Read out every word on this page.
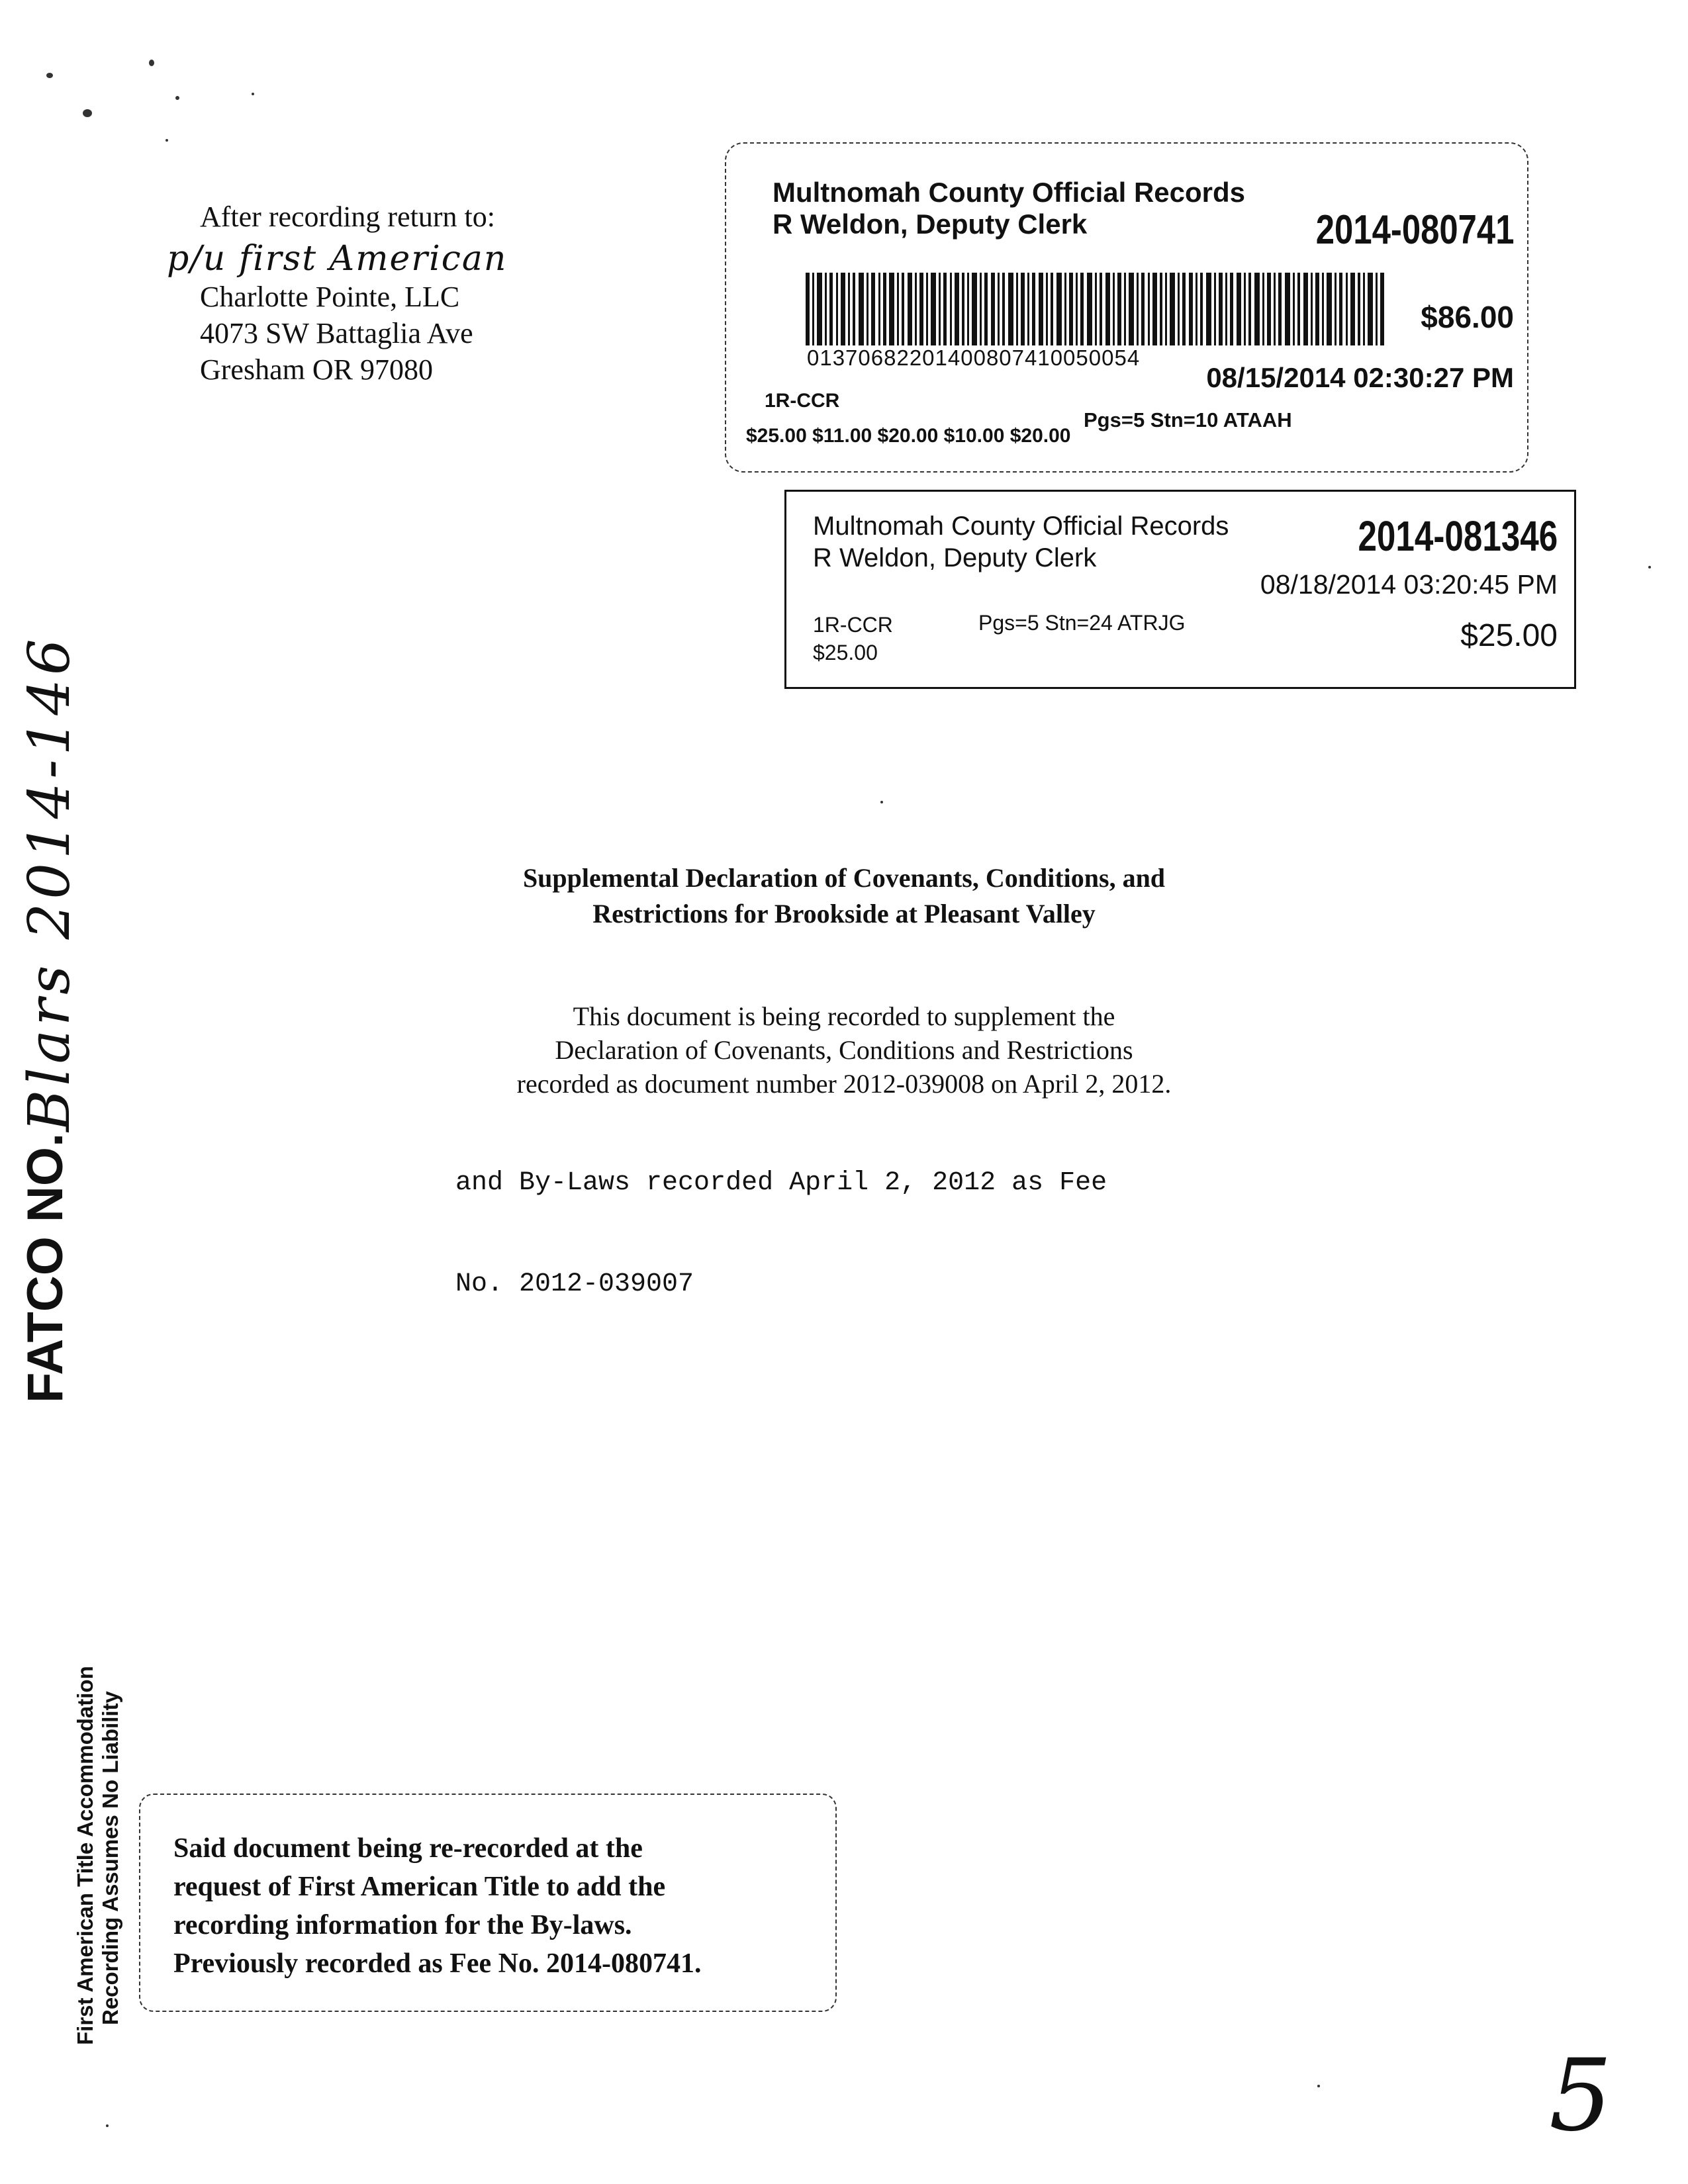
After recording return to:
p/u first American
Charlotte Pointe, LLC
4073 SW Battaglia Ave
Gresham OR 97080
Multnomah County Official Records
R Weldon, Deputy Clerk	2014-080741
$86.00
01370682201400807410050054
08/15/2014 02:30:27 PM
1R-CCR
Pgs=5 Stn=10 ATAAH
$25.00 $11.00 $20.00 $10.00 $20.00
Multnomah County Official Records
R Weldon, Deputy Clerk	2014-081346
08/18/2014 03:20:45 PM
1R-CCR
$25.00
Pgs=5 Stn=24 ATRJG	$25.00
Supplemental Declaration of Covenants, Conditions, and
Restrictions for Brookside at Pleasant Valley
This document is being recorded to supplement the
Declaration of Covenants, Conditions and Restrictions
recorded as document number 2012-039008 on April 2, 2012.

and By-Laws recorded April 2, 2012 as Fee

No. 2012-039007

FATCO NO.
Blars 2014-146
First American Title Accommodation Recording Assumes No Liability Said document being re-recorded at the
request of First American Title to add the
recording information for the By-laws.
Previously recorded as Fee No. 2014-080741.
5
